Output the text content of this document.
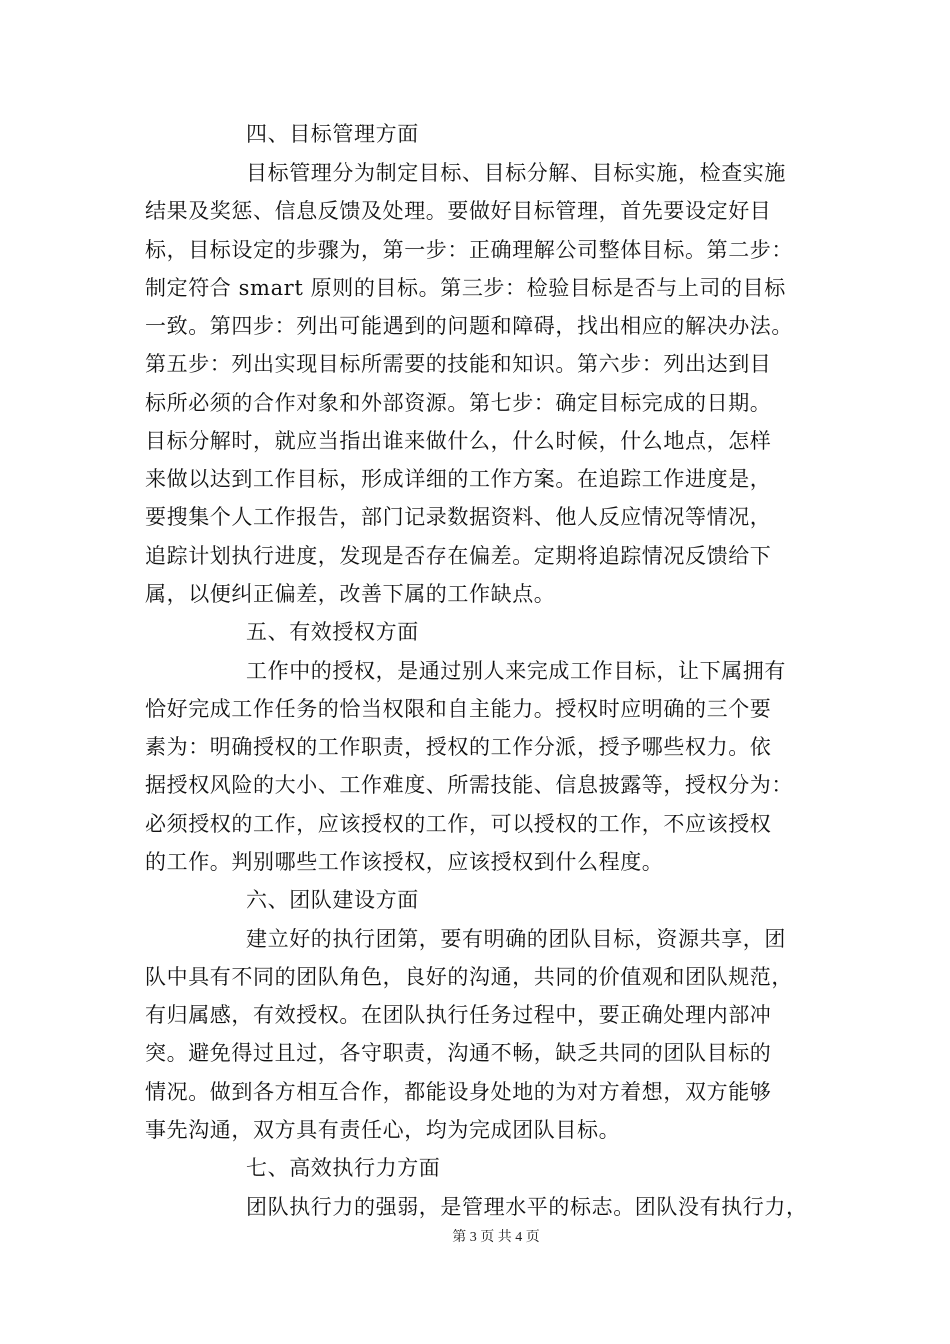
四、目标管理方面
目标管理分为制定目标、目标分解、目标实施，检查实施
结果及奖惩、信息反馈及处理。要做好目标管理，首先要设定好目
标，目标设定的步骤为，第一步：正确理解公司整体目标。第二步：
制定符合 smart 原则的目标。第三步：检验目标是否与上司的目标
一致。第四步：列出可能遇到的问题和障碍，找出相应的解决办法。
第五步：列出实现目标所需要的技能和知识。第六步：列出达到目
标所必须的合作对象和外部资源。第七步：确定目标完成的日期。
目标分解时，就应当指出谁来做什么，什么时候，什么地点，怎样
来做以达到工作目标，形成详细的工作方案。在追踪工作进度是，
要搜集个人工作报告，部门记录数据资料、他人反应情况等情况，
追踪计划执行进度，发现是否存在偏差。定期将追踪情况反馈给下
属，以便纠正偏差，改善下属的工作缺点。
五、有效授权方面
工作中的授权，是通过别人来完成工作目标，让下属拥有
恰好完成工作任务的恰当权限和自主能力。授权时应明确的三个要
素为：明确授权的工作职责，授权的工作分派，授予哪些权力。依
据授权风险的大小、工作难度、所需技能、信息披露等，授权分为：
必须授权的工作，应该授权的工作，可以授权的工作，不应该授权
的工作。判别哪些工作该授权，应该授权到什么程度。
六、团队建设方面
建立好的执行团第，要有明确的团队目标，资源共享，团
队中具有不同的团队角色，良好的沟通，共同的价值观和团队规范，
有归属感，有效授权。在团队执行任务过程中，要正确处理内部冲
突。避免得过且过，各守职责，沟通不畅，缺乏共同的团队目标的
情况。做到各方相互合作，都能设身处地的为对方着想，双方能够
事先沟通，双方具有责任心，均为完成团队目标。
七、高效执行力方面
团队执行力的强弱，是管理水平的标志。团队没有执行力，
第 3 页 共 4 页
